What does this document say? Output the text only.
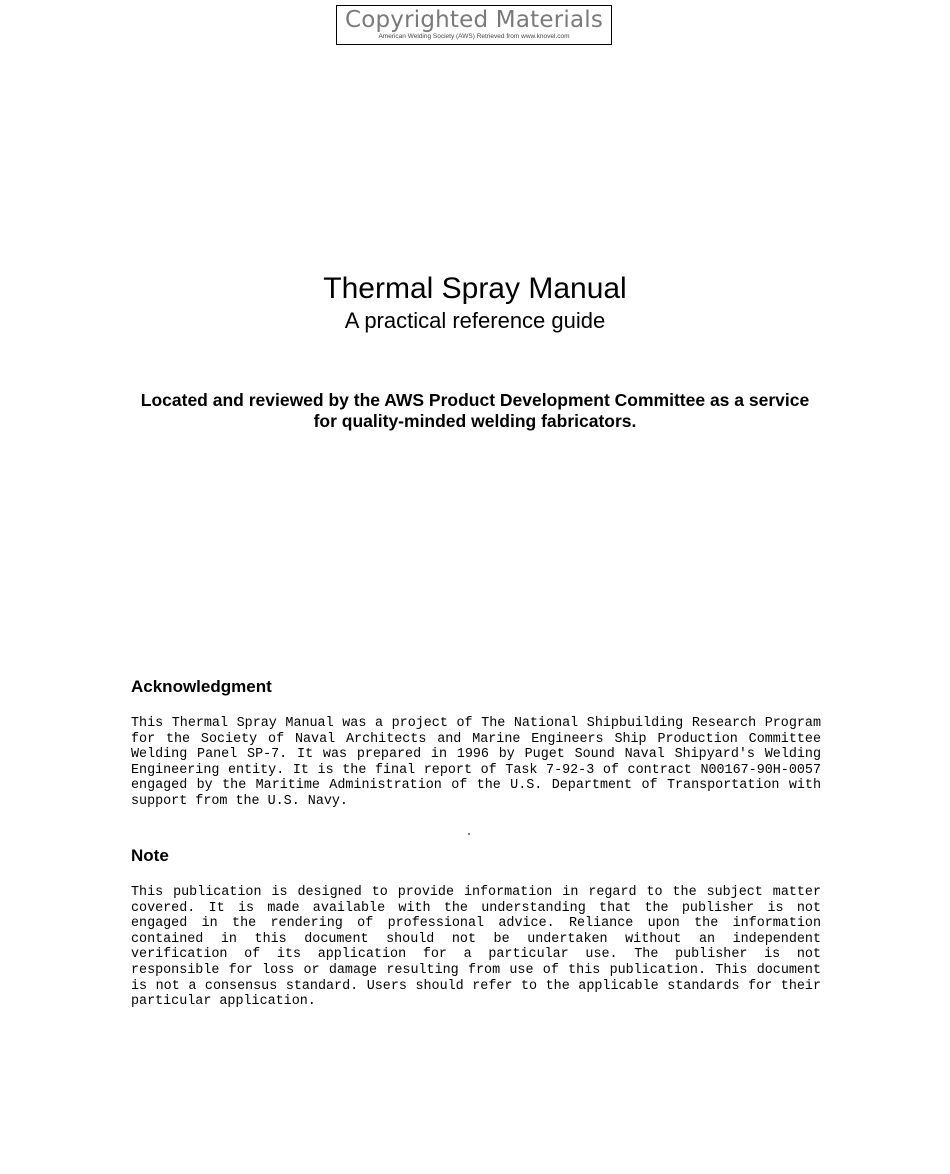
Copyrighted Materials
American Welding Society (AWS) Retrieved from www.knovel.com
Thermal Spray Manual
A practical reference guide

Located and reviewed by the AWS Product Development Committee as a service for quality-minded welding fabricators.

Acknowledgment

This Thermal Spray Manual was a project of The National Shipbuilding Research Program for the Society of Naval Architects and Marine Engineers Ship Production Committee Welding Panel SP-7. It was prepared in 1996 by Puget Sound Naval Shipyard's Welding Engineering entity. It is the final report of Task 7-92-3 of contract N00167-90H-0057 engaged by the Maritime Administration of the U.S. Department of Transportation with support from the U.S. Navy.

Note

This publication is designed to provide information in regard to the subject matter covered. It is made available with the understanding that the publisher is not engaged in the rendering of professional advice. Reliance upon the information contained in this document should not be undertaken without an independent verification of its application for a particular use. The publisher is not responsible for loss or damage resulting from use of this publication. This document is not a consensus standard. Users should refer to the applicable standards for their particular application.
